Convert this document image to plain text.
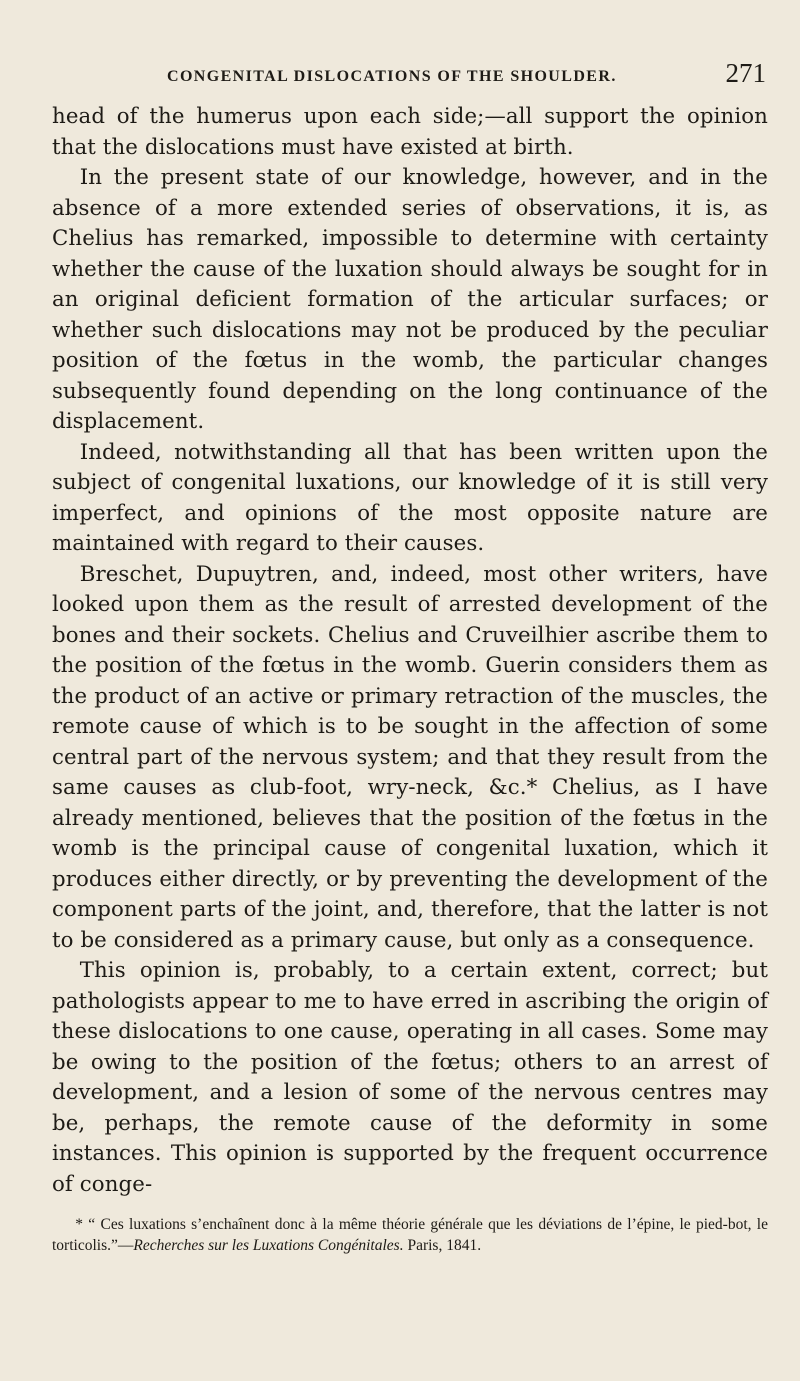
CONGENITAL DISLOCATIONS OF THE SHOULDER.	271

head of the humerus upon each side;—all support the opinion that the dislocations must have existed at birth.

In the present state of our knowledge, however, and in the absence of a more extended series of observations, it is, as Chelius has remarked, impossible to determine with certainty whether the cause of the luxation should always be sought for in an original deficient formation of the articular surfaces; or whether such dislocations may not be produced by the peculiar position of the fœtus in the womb, the particular changes subsequently found depending on the long continuance of the displacement.

Indeed, notwithstanding all that has been written upon the subject of congenital luxations, our knowledge of it is still very imperfect, and opinions of the most opposite nature are maintained with regard to their causes.

Breschet, Dupuytren, and, indeed, most other writers, have looked upon them as the result of arrested development of the bones and their sockets. Chelius and Cruveilhier ascribe them to the position of the fœtus in the womb. Guerin considers them as the product of an active or primary retraction of the muscles, the remote cause of which is to be sought in the affection of some central part of the nervous system; and that they result from the same causes as club-foot, wry-neck, &c.* Chelius, as I have already mentioned, believes that the position of the fœtus in the womb is the principal cause of congenital luxation, which it produces either directly, or by preventing the development of the component parts of the joint, and, therefore, that the latter is not to be considered as a primary cause, but only as a consequence.

This opinion is, probably, to a certain extent, correct; but pathologists appear to me to have erred in ascribing the origin of these dislocations to one cause, operating in all cases. Some may be owing to the position of the fœtus; others to an arrest of development, and a lesion of some of the nervous centres may be, perhaps, the remote cause of the deformity in some instances. This opinion is supported by the frequent occurrence of conge-

* “ Ces luxations s’enchaînent donc à la même théorie générale que les déviations de l’épine, le pied-bot, le torticolis.”—Recherches sur les Luxations Congénitales. Paris, 1841.
